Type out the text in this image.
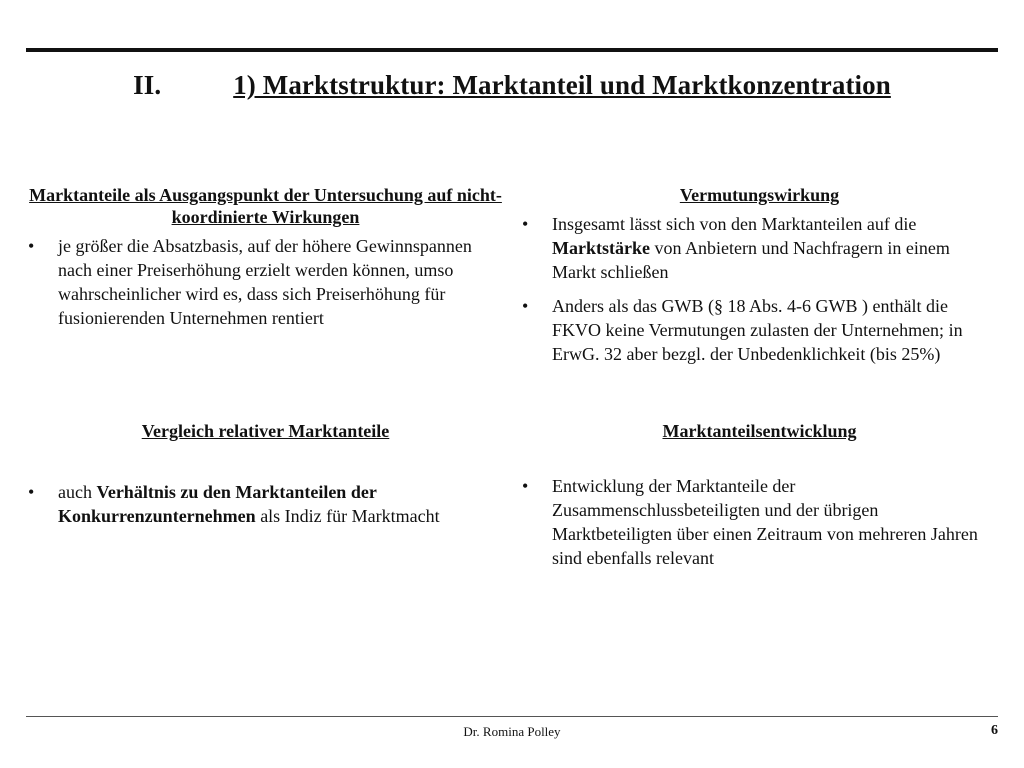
II.	1) Marktstruktur: Marktanteil und Marktkonzentration
Marktanteile als Ausgangspunkt der Untersuchung auf nicht-koordinierte Wirkungen
• je größer die Absatzbasis, auf der höhere Gewinnspannen nach einer Preiserhöhung erzielt werden können, umso wahrscheinlicher wird es, dass sich Preiserhöhung für fusionierenden Unternehmen rentiert
Vermutungswirkung
• Insgesamt lässt sich von den Marktanteilen auf die Marktstärke von Anbietern und Nachfragern in einem Markt schließen
• Anders als das GWB (§ 18 Abs. 4-6 GWB ) enthält die FKVO keine Vermutungen zulasten der Unternehmen; in ErwG. 32 aber bezgl. der Unbedenklichkeit (bis 25%)
Vergleich relativer Marktanteile
• auch Verhältnis zu den Marktanteilen der Konkurrenzunternehmen als Indiz für Marktmacht
Marktanteilsentwicklung
• Entwicklung der Marktanteile der Zusammenschlussbeteiligten und der übrigen Marktbeteiligten über einen Zeitraum von mehreren Jahren sind ebenfalls relevant
Dr. Romina Polley	6
